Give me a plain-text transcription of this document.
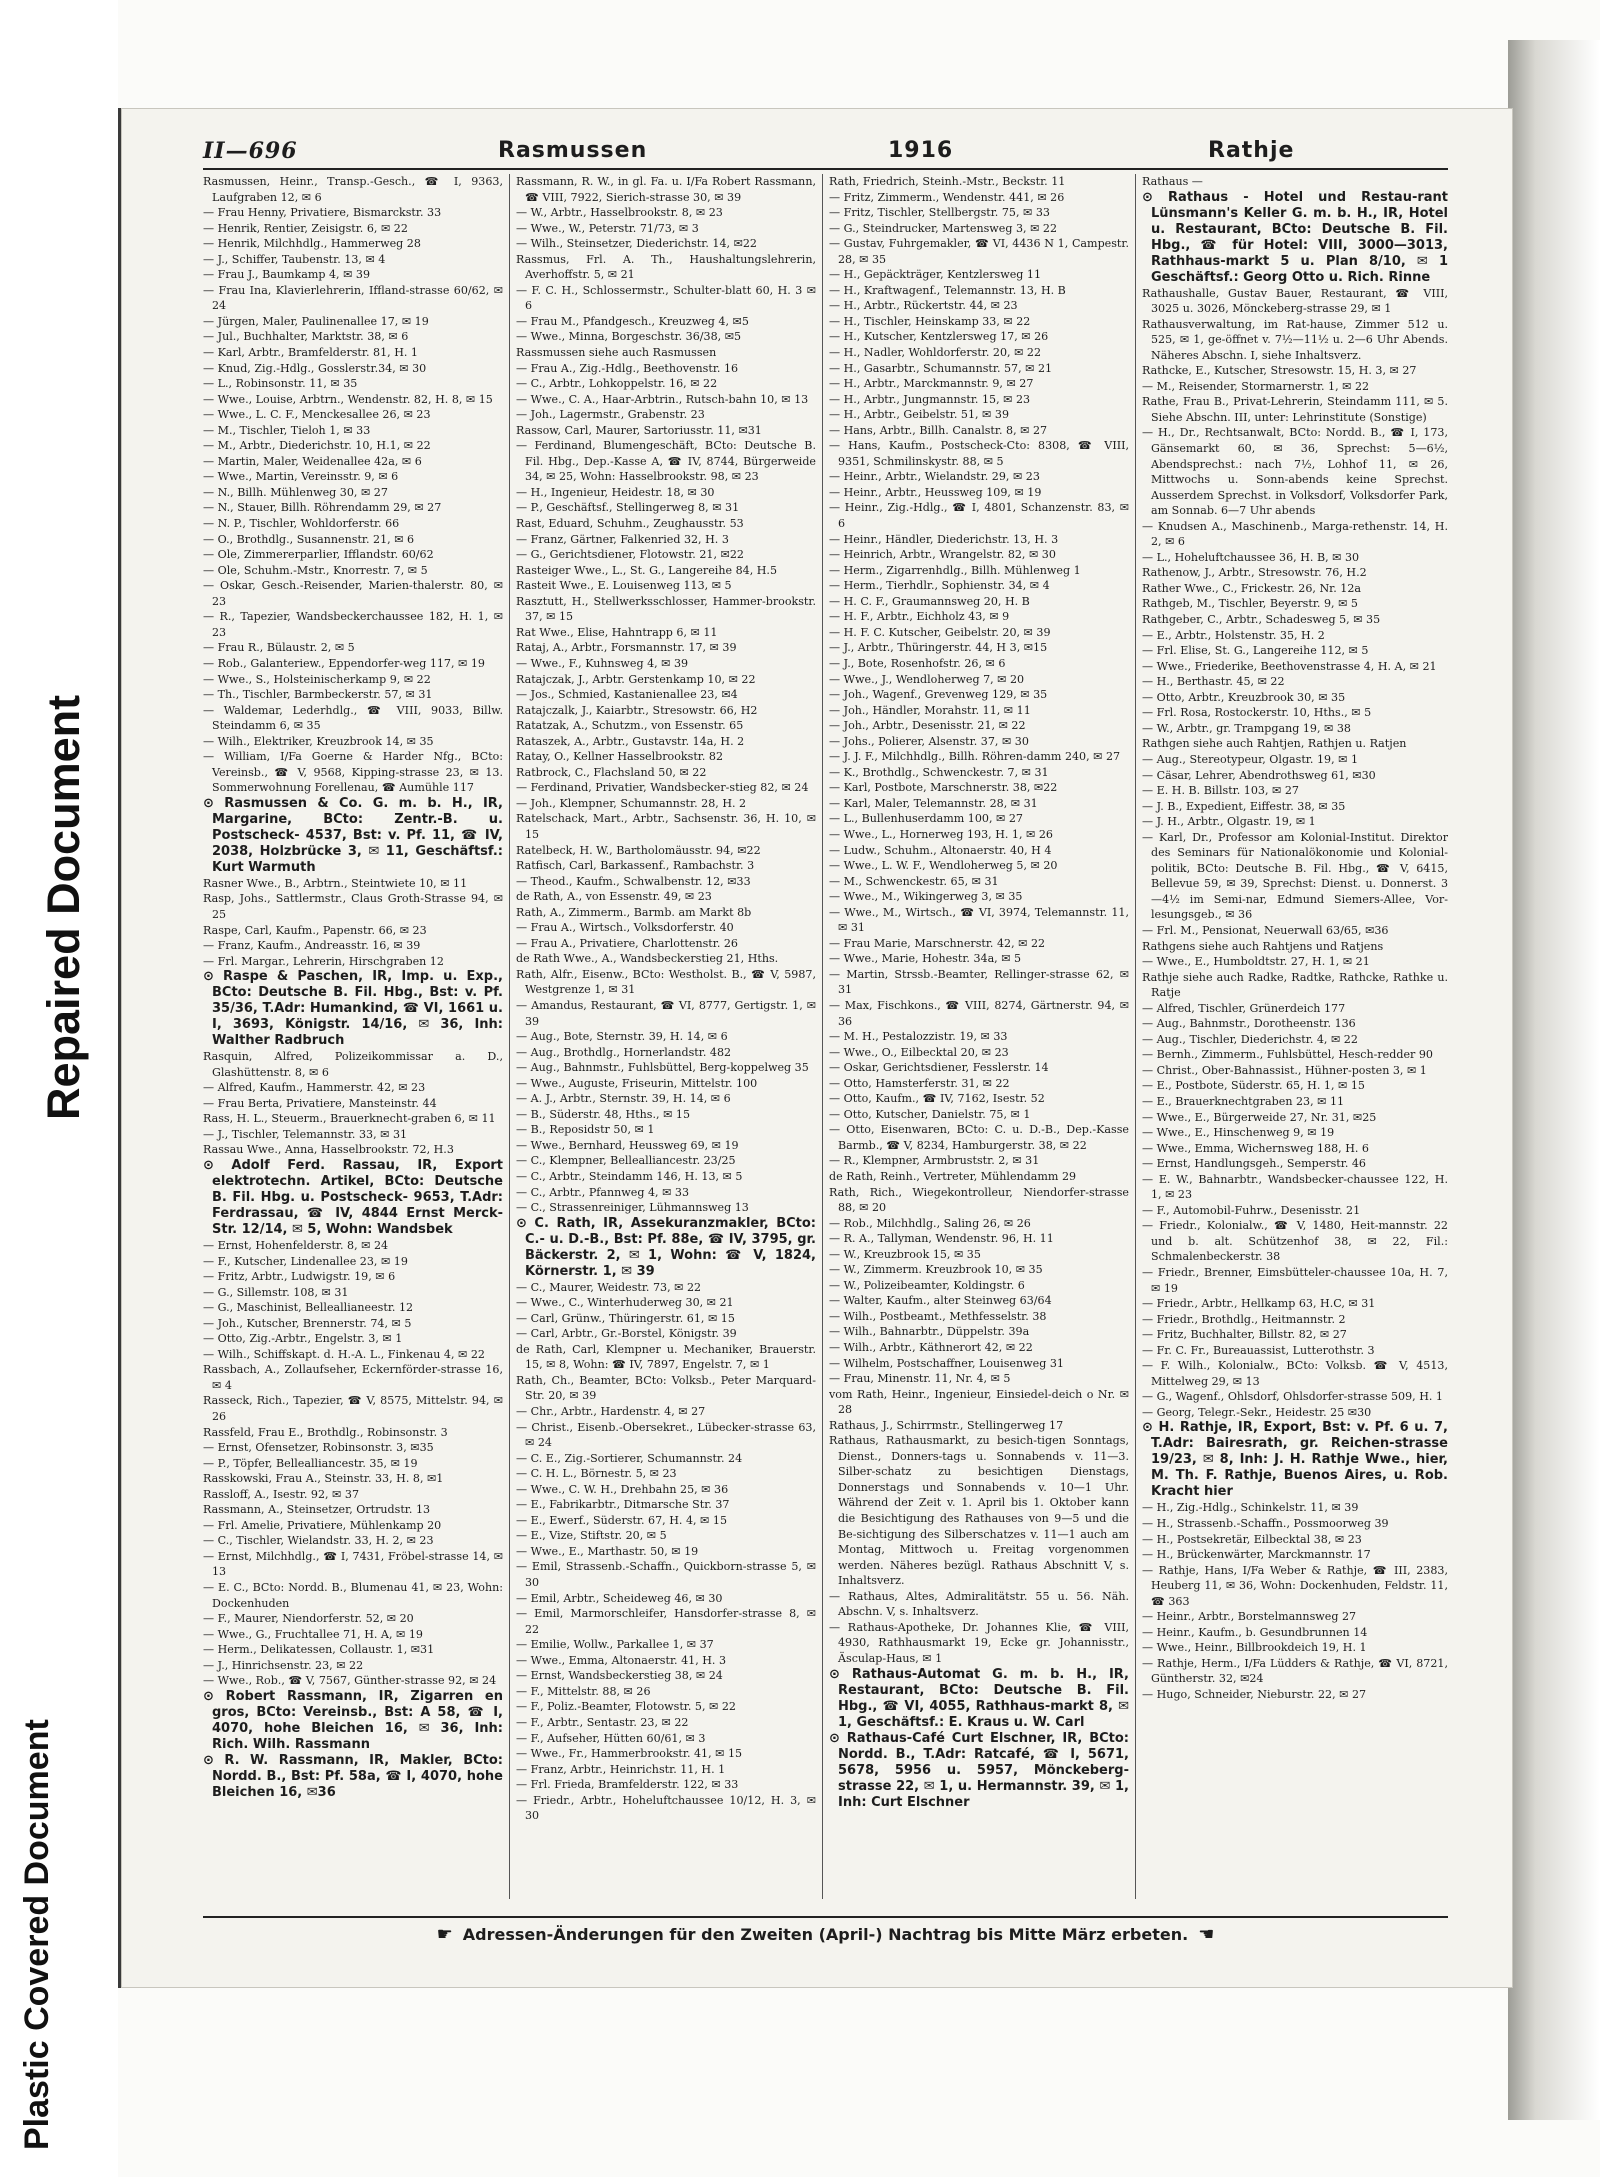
Repaired Document
Plastic Covered Document
II—696	Rasmussen	1916	Rathje

Rasmussen, Heinr., Transp.-Gesch., ☎ I, 9363, Laufgraben 12, ✉ 6

— Frau Henny, Privatiere, Bismarckstr. 33

— Henrik, Rentier, Zeisigstr. 6, ✉ 22

— Henrik, Milchhdlg., Hammerweg 28

— J., Schiffer, Taubenstr. 13, ✉ 4

— Frau J., Baumkamp 4, ✉ 39

— Frau Ina, Klavierlehrerin, Iffland-strasse 60/62, ✉ 24

— Jürgen, Maler, Paulinenallee 17, ✉ 19

— Jul., Buchhalter, Marktstr. 38, ✉ 6

— Karl, Arbtr., Bramfelderstr. 81, H. 1

— Knud, Zig.-Hdlg., Gosslerstr.34, ✉ 30

— L., Robinsonstr. 11, ✉ 35

— Wwe., Louise, Arbtrn., Wendenstr. 82, H. 8, ✉ 15

— Wwe., L. C. F., Menckesallee 26, ✉ 23

— M., Tischler, Tieloh 1, ✉ 33

— M., Arbtr., Diederichstr. 10, H.1, ✉ 22

— Martin, Maler, Weidenallee 42a, ✉ 6

— Wwe., Martin, Vereinsstr. 9, ✉ 6

— N., Billh. Mühlenweg 30, ✉ 27

— N., Stauer, Billh. Röhrendamm 29, ✉ 27

— N. P., Tischler, Wohldorferstr. 66

— O., Brothdlg., Susannenstr. 21, ✉ 6

— Ole, Zimmererparlier, Ifflandstr. 60/62

— Ole, Schuhm.-Mstr., Knorrestr. 7, ✉ 5

— Oskar, Gesch.-Reisender, Marien-thalerstr. 80, ✉ 23

— R., Tapezier, Wandsbeckerchaussee 182, H. 1, ✉ 23

— Frau R., Bülaustr. 2, ✉ 5

— Rob., Galanteriew., Eppendorfer-weg 117, ✉ 19

— Wwe., S., Holsteinischerkamp 9, ✉ 22

— Th., Tischler, Barmbeckerstr. 57, ✉ 31

— Waldemar, Lederhdlg., ☎ VIII, 9033, Billw. Steindamm 6, ✉ 35

— Wilh., Elektriker, Kreuzbrook 14, ✉ 35

— William, I/Fa Goerne & Harder Nfg., BCto: Vereinsb., ☎ V, 9568, Kipping-strasse 23, ✉ 13. Sommerwohnung Forellenau, ☎ Aumühle 117

⊙ Rasmussen & Co. G. m. b. H., IR, Margarine, BCto: Zentr.-B. u. Postscheck- 4537, Bst: v. Pf. 11, ☎ IV, 2038, Holzbrücke 3, ✉ 11, Geschäftsf.: Kurt Warmuth

Rasner Wwe., B., Arbtrn., Steintwiete 10, ✉ 11

Rasp, Johs., Sattlermstr., Claus Groth-Strasse 94, ✉ 25

Raspe, Carl, Kaufm., Papenstr. 66, ✉ 23

— Franz, Kaufm., Andreasstr. 16, ✉ 39

— Frl. Margar., Lehrerin, Hirschgraben 12

⊙ Raspe & Paschen, IR, Imp. u. Exp., BCto: Deutsche B. Fil. Hbg., Bst: v. Pf. 35/36, T.Adr: Humankind, ☎ VI, 1661 u. I, 3693, Königstr. 14/16, ✉ 36, Inh: Walther Radbruch

Rasquin, Alfred, Polizeikommissar a. D., Glashüttenstr. 8, ✉ 6

— Alfred, Kaufm., Hammerstr. 42, ✉ 23

— Frau Berta, Privatiere, Mansteinstr. 44

Rass, H. L., Steuerm., Brauerknecht-graben 6, ✉ 11

— J., Tischler, Telemannstr. 33, ✉ 31

Rassau Wwe., Anna, Hasselbrookstr. 72, H.3

⊙ Adolf Ferd. Rassau, IR, Export elektrotechn. Artikel, BCto: Deutsche B. Fil. Hbg. u. Postscheck- 9653, T.Adr: Ferdrassau, ☎ IV, 4844 Ernst Merck-Str. 12/14, ✉ 5, Wohn: Wandsbek

— Ernst, Hohenfelderstr. 8, ✉ 24

— F., Kutscher, Lindenallee 23, ✉ 19

— Fritz, Arbtr., Ludwigstr. 19, ✉ 6

— G., Sillemstr. 108, ✉ 31

— G., Maschinist, Belleallianeestr. 12

— Joh., Kutscher, Brennerstr. 74, ✉ 5

— Otto, Zig.-Arbtr., Engelstr. 3, ✉ 1

— Wilh., Schiffskapt. d. H.-A. L., Finkenau 4, ✉ 22

Rassbach, A., Zollaufseher, Eckernförder-strasse 16, ✉ 4

Rasseck, Rich., Tapezier, ☎ V, 8575, Mittelstr. 94, ✉ 26

Rassfeld, Frau E., Brothdlg., Robinsonstr. 3

— Ernst, Ofensetzer, Robinsonstr. 3, ✉35

— P., Töpfer, Bellealliancestr. 35, ✉ 19

Rasskowski, Frau A., Steinstr. 33, H. 8, ✉1

Rassloff, A., Isestr. 92, ✉ 37

Rassmann, A., Steinsetzer, Ortrudstr. 13

— Frl. Amelie, Privatiere, Mühlenkamp 20

— C., Tischler, Wielandstr. 33, H. 2, ✉ 23

— Ernst, Milchhdlg., ☎ I, 7431, Fröbel-strasse 14, ✉ 13

— E. C., BCto: Nordd. B., Blumenau 41, ✉ 23, Wohn: Dockenhuden

— F., Maurer, Niendorferstr. 52, ✉ 20

— Wwe., G., Fruchtallee 71, H. A, ✉ 19

— Herm., Delikatessen, Collaustr. 1, ✉31

— J., Hinrichsenstr. 23, ✉ 22

— Wwe., Rob., ☎ V, 7567, Günther-strasse 92, ✉ 24

⊙ Robert Rassmann, IR, Zigarren en gros, BCto: Vereinsb., Bst: A 58, ☎ I, 4070, hohe Bleichen 16, ✉ 36, Inh: Rich. Wilh. Rassmann

⊙ R. W. Rassmann, IR, Makler, BCto: Nordd. B., Bst: Pf. 58a, ☎ I, 4070, hohe Bleichen 16, ✉36

Rassmann, R. W., in gl. Fa. u. I/Fa Robert Rassmann, ☎ VIII, 7922, Sierich-strasse 30, ✉ 39

— W., Arbtr., Hasselbrookstr. 8, ✉ 23

— Wwe., W., Peterstr. 71/73, ✉ 3

— Wilh., Steinsetzer, Diederichstr. 14, ✉22

Rassmus, Frl. A. Th., Haushaltungslehrerin, Averhoffstr. 5, ✉ 21

— F. C. H., Schlossermstr., Schulter-blatt 60, H. 3 ✉ 6

— Frau M., Pfandgesch., Kreuzweg 4, ✉5

— Wwe., Minna, Borgeschstr. 36/38, ✉5

Rassmussen siehe auch Rasmussen

— Frau A., Zig.-Hdlg., Beethovenstr. 16

— C., Arbtr., Lohkoppelstr. 16, ✉ 22

— Wwe., C. A., Haar-Arbtrin., Rutsch-bahn 10, ✉ 13

— Joh., Lagermstr., Grabenstr. 23

Rassow, Carl, Maurer, Sartoriusstr. 11, ✉31

— Ferdinand, Blumengeschäft, BCto: Deutsche B. Fil. Hbg., Dep.-Kasse A, ☎ IV, 8744, Bürgerweide 34, ✉ 25, Wohn: Hasselbrookstr. 98, ✉ 23

— H., Ingenieur, Heidestr. 18, ✉ 30

— P., Geschäftsf., Stellingerweg 8, ✉ 31

Rast, Eduard, Schuhm., Zeughausstr. 53

— Franz, Gärtner, Falkenried 32, H. 3

— G., Gerichtsdiener, Flotowstr. 21, ✉22

Rasteiger Wwe., L., St. G., Langereihe 84, H.5

Rasteit Wwe., E. Louisenweg 113, ✉ 5

Rasztutt, H., Stellwerksschlosser, Hammer-brookstr. 37, ✉ 15

Rat Wwe., Elise, Hahntrapp 6, ✉ 11

Rataj, A., Arbtr., Forsmannstr. 17, ✉ 39

— Wwe., F., Kuhnsweg 4, ✉ 39

Ratajczak, J., Arbtr. Gerstenkamp 10, ✉ 22

— Jos., Schmied, Kastanienallee 23, ✉4

Ratajczalk, J., Kaiarbtr., Stresowstr. 66, H2

Ratatzak, A., Schutzm., von Essenstr. 65

Rataszek, A., Arbtr., Gustavstr. 14a, H. 2

Ratay, O., Kellner Hasselbrookstr. 82

Ratbrock, C., Flachsland 50, ✉ 22

— Ferdinand, Privatier, Wandsbecker-stieg 82, ✉ 24

— Joh., Klempner, Schumannstr. 28, H. 2

Ratelschack, Mart., Arbtr., Sachsenstr. 36, H. 10, ✉ 15

Ratelbeck, H. W., Bartholomäusstr. 94, ✉22

Ratfisch, Carl, Barkassenf., Rambachstr. 3

— Theod., Kaufm., Schwalbenstr. 12, ✉33

de Rath, A., von Essenstr. 49, ✉ 23

Rath, A., Zimmerm., Barmb. am Markt 8b

— Frau A., Wirtsch., Volksdorferstr. 40

— Frau A., Privatiere, Charlottenstr. 26

de Rath Wwe., A., Wandsbeckerstieg 21, Hths.

Rath, Alfr., Eisenw., BCto: Westholst. B., ☎ V, 5987, Westgrenze 1, ✉ 31

— Amandus, Restaurant, ☎ VI, 8777, Gertigstr. 1, ✉ 39

— Aug., Bote, Sternstr. 39, H. 14, ✉ 6

— Aug., Brothdlg., Hornerlandstr. 482

— Aug., Bahnmstr., Fuhlsbüttel, Berg-koppelweg 35

— Wwe., Auguste, Friseurin, Mittelstr. 100

— A. J., Arbtr., Sternstr. 39, H. 14, ✉ 6

— B., Süderstr. 48, Hths., ✉ 15

— B., Reposidstr 50, ✉ 1

— Wwe., Bernhard, Heussweg 69, ✉ 19

— C., Klempner, Bellealliancestr. 23/25

— C., Arbtr., Steindamm 146, H. 13, ✉ 5

— C., Arbtr., Pfannweg 4, ✉ 33

— C., Strassenreiniger, Lühmannsweg 13

⊙ C. Rath, IR, Assekuranzmakler, BCto: C.- u. D.-B., Bst: Pf. 88e, ☎ IV, 3795, gr. Bäckerstr. 2, ✉ 1, Wohn: ☎ V, 1824, Körnerstr. 1, ✉ 39

— C., Maurer, Weidestr. 73, ✉ 22

— Wwe., C., Winterhuderweg 30, ✉ 21

— Carl, Grünw., Thüringerstr. 61, ✉ 15

— Carl, Arbtr., Gr.-Borstel, Königstr. 39

de Rath, Carl, Klempner u. Mechaniker, Brauerstr. 15, ✉ 8, Wohn: ☎ IV, 7897, Engelstr. 7, ✉ 1

Rath, Ch., Beamter, BCto: Volksb., Peter Marquard-Str. 20, ✉ 39

— Chr., Arbtr., Hardenstr. 4, ✉ 27

— Christ., Eisenb.-Obersekret., Lübecker-strasse 63, ✉ 24

— C. E., Zig.-Sortierer, Schumannstr. 24

— C. H. L., Börnestr. 5, ✉ 23

— Wwe., C. W. H., Drehbahn 25, ✉ 36

— E., Fabrikarbtr., Ditmarsche Str. 37

— E., Ewerf., Süderstr. 67, H. 4, ✉ 15

— E., Vize, Stiftstr. 20, ✉ 5

— Wwe., E., Marthastr. 50, ✉ 19

— Emil, Strassenb.-Schaffn., Quickborn-strasse 5, ✉ 30

— Emil, Arbtr., Scheideweg 46, ✉ 30

— Emil, Marmorschleifer, Hansdorfer-strasse 8, ✉ 22

— Emilie, Wollw., Parkallee 1, ✉ 37

— Wwe., Emma, Altonaerstr. 41, H. 3

— Ernst, Wandsbeckerstieg 38, ✉ 24

— F., Mittelstr. 88, ✉ 26

— F., Poliz.-Beamter, Flotowstr. 5, ✉ 22

— F., Arbtr., Sentastr. 23, ✉ 22

— F., Aufseher, Hütten 60/61, ✉ 3

— Wwe., Fr., Hammerbrookstr. 41, ✉ 15

— Franz, Arbtr., Heinrichstr. 11, H. 1

— Frl. Frieda, Bramfelderstr. 122, ✉ 33

— Friedr., Arbtr., Hoheluftchaussee 10/12, H. 3, ✉ 30

Rath, Friedrich, Steinh.-Mstr., Beckstr. 11

— Fritz, Zimmerm., Wendenstr. 441, ✉ 26

— Fritz, Tischler, Stellbergstr. 75, ✉ 33

— G., Steindrucker, Martensweg 3, ✉ 22

— Gustav, Fuhrgemakler, ☎ VI, 4436 N 1, Campestr. 28, ✉ 35

— H., Gepäckträger, Kentzlersweg 11

— H., Kraftwagenf., Telemannstr. 13, H. B

— H., Arbtr., Rückertstr. 44, ✉ 23

— H., Tischler, Heinskamp 33, ✉ 22

— H., Kutscher, Kentzlersweg 17, ✉ 26

— H., Nadler, Wohldorferstr. 20, ✉ 22

— H., Gasarbtr., Schumannstr. 57, ✉ 21

— H., Arbtr., Marckmannstr. 9, ✉ 27

— H., Arbtr., Jungmannstr. 15, ✉ 23

— H., Arbtr., Geibelstr. 51, ✉ 39

— Hans, Arbtr., Billh. Canalstr. 8, ✉ 27

— Hans, Kaufm., Postscheck-Cto: 8308, ☎ VIII, 9351, Schmilinskystr. 88, ✉ 5

— Heinr., Arbtr., Wielandstr. 29, ✉ 23

— Heinr., Arbtr., Heussweg 109, ✉ 19

— Heinr., Zig.-Hdlg., ☎ I, 4801, Schanzenstr. 83, ✉ 6

— Heinr., Händler, Diederichstr. 13, H. 3

— Heinrich, Arbtr., Wrangelstr. 82, ✉ 30

— Herm., Zigarrenhdlg., Billh. Mühlenweg 1

— Herm., Tierhdlr., Sophienstr. 34, ✉ 4

— H. C. F., Graumannsweg 20, H. B

— H. F., Arbtr., Eichholz 43, ✉ 9

— H. F. C. Kutscher, Geibelstr. 20, ✉ 39

— J., Arbtr., Thüringerstr. 44, H 3, ✉15

— J., Bote, Rosenhofstr. 26, ✉ 6

— Wwe., J., Wendloherweg 7, ✉ 20

— Joh., Wagenf., Grevenweg 129, ✉ 35

— Joh., Händler, Morahstr. 11, ✉ 11

— Joh., Arbtr., Desenisstr. 21, ✉ 22

— Johs., Polierer, Alsenstr. 37, ✉ 30

— J. J. F., Milchhdlg., Billh. Röhren-damm 240, ✉ 27

— K., Brothdlg., Schwenckestr. 7, ✉ 31

— Karl, Postbote, Marschnerstr. 38, ✉22

— Karl, Maler, Telemannstr. 28, ✉ 31

— L., Bullenhuserdamm 100, ✉ 27

— Wwe., L., Hornerweg 193, H. 1, ✉ 26

— Ludw., Schuhm., Altonaerstr. 40, H 4

— Wwe., L. W. F., Wendloherweg 5, ✉ 20

— M., Schwenckestr. 65, ✉ 31

— Wwe., M., Wikingerweg 3, ✉ 35

— Wwe., M., Wirtsch., ☎ VI, 3974, Telemannstr. 11, ✉ 31

— Frau Marie, Marschnerstr. 42, ✉ 22

— Wwe., Marie, Hohestr. 34a, ✉ 5

— Martin, Strssb.-Beamter, Rellinger-strasse 62, ✉ 31

— Max, Fischkons., ☎ VIII, 8274, Gärtnerstr. 94, ✉ 36

— M. H., Pestalozzistr. 19, ✉ 33

— Wwe., O., Eilbecktal 20, ✉ 23

— Oskar, Gerichtsdiener, Fesslerstr. 14

— Otto, Hamsterferstr. 31, ✉ 22

— Otto, Kaufm., ☎ IV, 7162, Isestr. 52

— Otto, Kutscher, Danielstr. 75, ✉ 1

— Otto, Eisenwaren, BCto: C. u. D.-B., Dep.-Kasse Barmb., ☎ V, 8234, Hamburgerstr. 38, ✉ 22

— R., Klempner, Armbruststr. 2, ✉ 31

de Rath, Reinh., Vertreter, Mühlendamm 29

Rath, Rich., Wiegekontrolleur, Niendorfer-strasse 88, ✉ 20

— Rob., Milchhdlg., Saling 26, ✉ 26

— R. A., Tallyman, Wendenstr. 96, H. 11

— W., Kreuzbrook 15, ✉ 35

— W., Zimmerm. Kreuzbrook 10, ✉ 35

— W., Polizeibeamter, Koldingstr. 6

— Walter, Kaufm., alter Steinweg 63/64

— Wilh., Postbeamt., Methfesselstr. 38

— Wilh., Bahnarbtr., Düppelstr. 39a

— Wilh., Arbtr., Käthnerort 42, ✉ 22

— Wilhelm, Postschaffner, Louisenweg 31

— Frau, Minenstr. 11, Nr. 4, ✉ 5

vom Rath, Heinr., Ingenieur, Einsiedel-deich o Nr. ✉ 28

Rathaus, J., Schirrmstr., Stellingerweg 17

Rathaus, Rathausmarkt, zu besich-tigen Sonntags, Dienst., Donners-tags u. Sonnabends v. 11—3. Silber-schatz zu besichtigen Dienstags, Donnerstags und Sonnabends v. 10—1 Uhr. Während der Zeit v. 1. April bis 1. Oktober kann die Besichtigung des Rathauses von 9—5 und die Be-sichtigung des Silberschatzes v. 11—1 auch am Montag, Mittwoch u. Freitag vorgenommen werden. Näheres bezügl. Rathaus Abschnitt V, s. Inhaltsverz.

— Rathaus, Altes, Admiralitätstr. 55 u. 56. Näh. Abschn. V, s. Inhaltsverz.

— Rathaus-Apotheke, Dr. Johannes Klie, ☎ VIII, 4930, Rathhausmarkt 19, Ecke gr. Johannisstr., Äsculap-Haus, ✉ 1

⊙ Rathaus-Automat G. m. b. H., IR, Restaurant, BCto: Deutsche B. Fil. Hbg., ☎ VI, 4055, Rathhaus-markt 8, ✉ 1, Geschäftsf.: E. Kraus u. W. Carl

⊙ Rathaus-Café Curt Elschner, IR, BCto: Nordd. B., T.Adr: Ratcafé, ☎ I, 5671, 5678, 5956 u. 5957, Mönckeberg-strasse 22, ✉ 1, u. Hermannstr. 39, ✉ 1, Inh: Curt Elschner

Rathaus —

⊙ Rathaus - Hotel und Restau-rant Lünsmann's Keller G. m. b. H., IR, Hotel u. Restaurant, BCto: Deutsche B. Fil. Hbg., ☎ für Hotel: VIII, 3000—3013, Rathhaus-markt 5 u. Plan 8/10, ✉ 1 Geschäftsf.: Georg Otto u. Rich. Rinne

Rathaushalle, Gustav Bauer, Restaurant, ☎ VIII, 3025 u. 3026, Mönckeberg-strasse 29, ✉ 1

Rathausverwaltung, im Rat-hause, Zimmer 512 u. 525, ✉ 1, ge-öffnet v. 7½—11½ u. 2—6 Uhr Abends. Näheres Abschn. I, siehe Inhaltsverz.

Rathcke, E., Kutscher, Stresowstr. 15, H. 3, ✉ 27

— M., Reisender, Stormarnerstr. 1, ✉ 22

Rathe, Frau B., Privat-Lehrerin, Steindamm 111, ✉ 5. Siehe Abschn. III, unter: Lehrinstitute (Sonstige)

— H., Dr., Rechtsanwalt, BCto: Nordd. B., ☎ I, 173, Gänsemarkt 60, ✉ 36, Sprechst: 5—6½, Abendsprechst.: nach 7½, Lohhof 11, ✉ 26, Mittwochs u. Sonn-abends keine Sprechst. Ausserdem Sprechst. in Volksdorf, Volksdorfer Park, am Sonnab. 6—7 Uhr abends

— Knudsen A., Maschinenb., Marga-rethenstr. 14, H. 2, ✉ 6

— L., Hoheluftchaussee 36, H. B, ✉ 30

Rathenow, J., Arbtr., Stresowstr. 76, H.2

Rather Wwe., C., Frickestr. 26, Nr. 12a

Rathgeb, M., Tischler, Beyerstr. 9, ✉ 5

Rathgeber, C., Arbtr., Schadesweg 5, ✉ 35

— E., Arbtr., Holstenstr. 35, H. 2

— Frl. Elise, St. G., Langereihe 112, ✉ 5

— Wwe., Friederike, Beethovenstrasse 4, H. A, ✉ 21

— H., Berthastr. 45, ✉ 22

— Otto, Arbtr., Kreuzbrook 30, ✉ 35

— Frl. Rosa, Rostockerstr. 10, Hths., ✉ 5

— W., Arbtr., gr. Trampgang 19, ✉ 38

Rathgen siehe auch Rahtjen, Rathjen u. Ratjen

— Aug., Stereotypeur, Olgastr. 19, ✉ 1

— Cäsar, Lehrer, Abendrothsweg 61, ✉30

— E. H. B. Billstr. 103, ✉ 27

— J. B., Expedient, Eiffestr. 38, ✉ 35

— J. H., Arbtr., Olgastr. 19, ✉ 1

— Karl, Dr., Professor am Kolonial-Institut. Direktor des Seminars für Nationalökonomie und Kolonial-politik, BCto: Deutsche B. Fil. Hbg., ☎ V, 6415, Bellevue 59, ✉ 39, Sprechst: Dienst. u. Donnerst. 3—4½ im Semi-nar, Edmund Siemers-Allee, Vor-lesungsgeb., ✉ 36

— Frl. M., Pensionat, Neuerwall 63/65, ✉36

Rathgens siehe auch Rahtjens und Ratjens

— Wwe., E., Humboldtstr. 27, H. 1, ✉ 21

Rathje siehe auch Radke, Radtke, Rathcke, Rathke u. Ratje

— Alfred, Tischler, Grünerdeich 177

— Aug., Bahnmstr., Dorotheenstr. 136

— Aug., Tischler, Diederichstr. 4, ✉ 22

— Bernh., Zimmerm., Fuhlsbüttel, Hesch-redder 90

— Christ., Ober-Bahnassist., Hühner-posten 3, ✉ 1

— E., Postbote, Süderstr. 65, H. 1, ✉ 15

— E., Brauerknechtgraben 23, ✉ 11

— Wwe., E., Bürgerweide 27, Nr. 31, ✉25

— Wwe., E., Hinschenweg 9, ✉ 19

— Wwe., Emma, Wichernsweg 188, H. 6

— Ernst, Handlungsgeh., Semperstr. 46

— E. W., Bahnarbtr., Wandsbecker-chaussee 122, H. 1, ✉ 23

— F., Automobil-Fuhrw., Desenisstr. 21

— Friedr., Kolonialw., ☎ V, 1480, Heit-mannstr. 22 und b. alt. Schützenhof 38, ✉ 22, Fil.: Schmalenbeckerstr. 38

— Friedr., Brenner, Eimsbütteler-chaussee 10a, H. 7, ✉ 19

— Friedr., Arbtr., Hellkamp 63, H.C, ✉ 31

— Friedr., Brothdlg., Heitmannstr. 2

— Fritz, Buchhalter, Billstr. 82, ✉ 27

— Fr. C. Fr., Bureauassist, Lutterothstr. 3

— F. Wilh., Kolonialw., BCto: Volksb. ☎ V, 4513, Mittelweg 29, ✉ 13

— G., Wagenf., Ohlsdorf, Ohlsdorfer-strasse 509, H. 1

— Georg, Telegr.-Sekr., Heidestr. 25 ✉30

⊙ H. Rathje, IR, Export, Bst: v. Pf. 6 u. 7, T.Adr: Bairesrath, gr. Reichen-strasse 19/23, ✉ 8, Inh: J. H. Rathje Wwe., hier, M. Th. F. Rathje, Buenos Aires, u. Rob. Kracht hier

— H., Zig.-Hdlg., Schinkelstr. 11, ✉ 39

— H., Strassenb.-Schaffn., Possmoorweg 39

— H., Postsekretär, Eilbecktal 38, ✉ 23

— H., Brückenwärter, Marckmannstr. 17

— Rathje, Hans, I/Fa Weber & Rathje, ☎ III, 2383, Heuberg 11, ✉ 36, Wohn: Dockenhuden, Feldstr. 11, ☎ 363

— Heinr., Arbtr., Borstelmannsweg 27

— Heinr., Kaufm., b. Gesundbrunnen 14

— Wwe., Heinr., Billbrookdeich 19, H. 1

— Rathje, Herm., I/Fa Lüdders & Rathje, ☎ VI, 8721, Güntherstr. 32, ✉24

— Hugo, Schneider, Nieburstr. 22, ✉ 27

☛ Adressen-Änderungen für den Zweiten (April-) Nachtrag bis Mitte März erbeten. ☚
